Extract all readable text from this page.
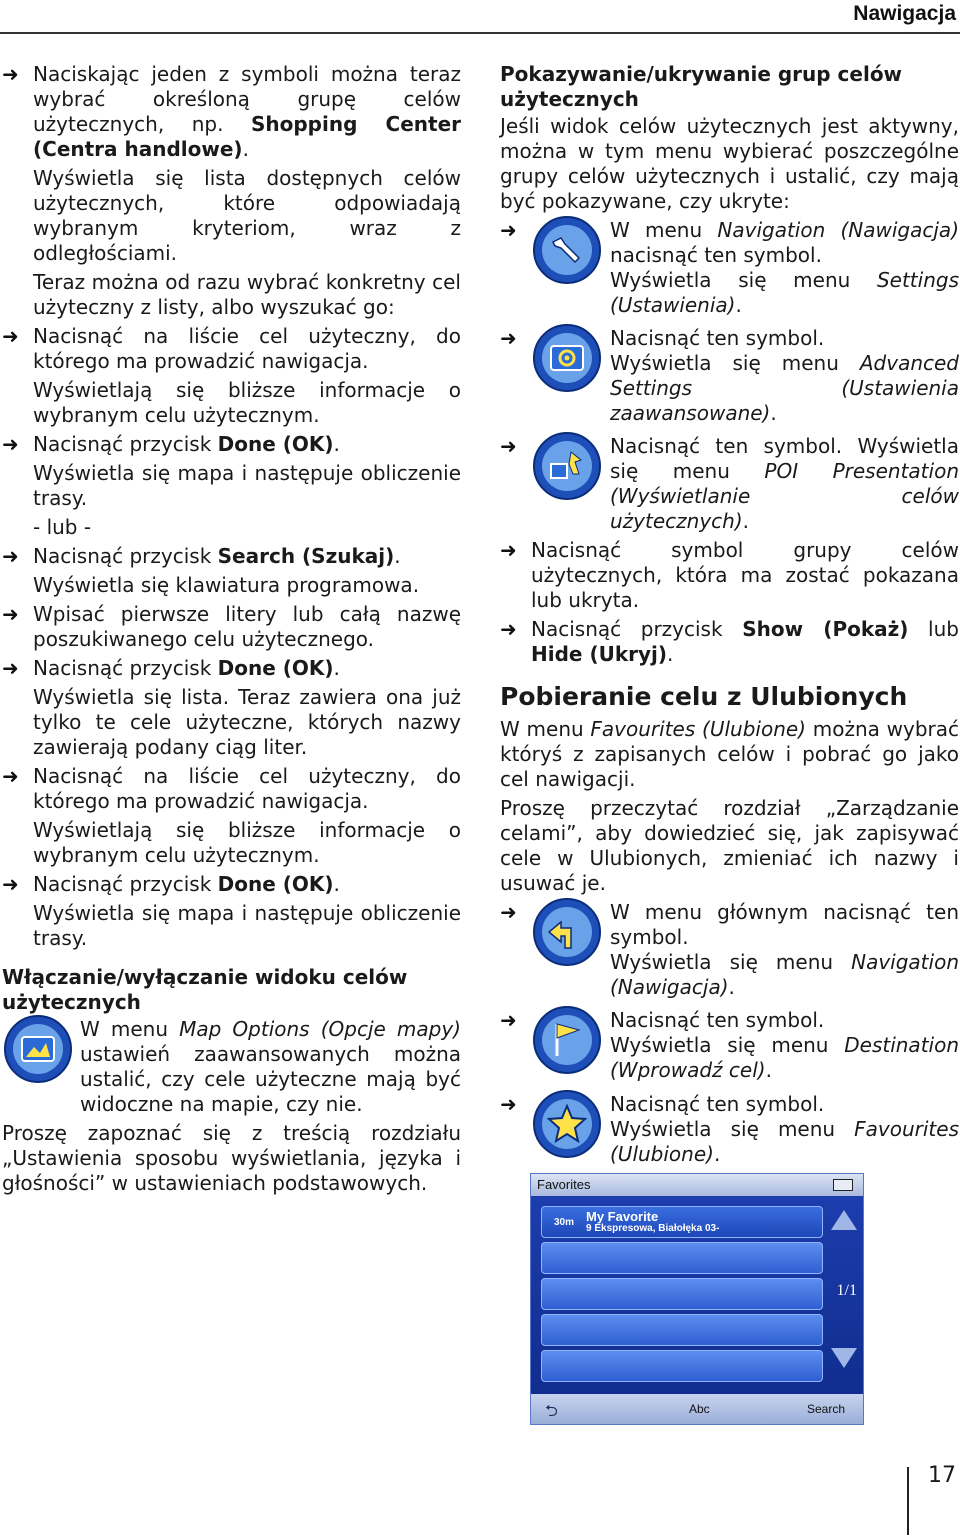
Nawigacja
➜ Naciskając jeden z symboli można teraz wybrać określoną grupę celów użytecznych, np. Shopping Center (Centra handlowe).
Wyświetla się lista dostępnych celów użytecznych, które odpowiadają wybranym kryteriom, wraz z odległościami.
Teraz można od razu wybrać konkretny cel użyteczny z listy, albo wyszukać go:
➜ Nacisnąć na liście cel użyteczny, do którego ma prowadzić nawigacja.
Wyświetlają się bliższe informacje o wybranym celu użytecznym.
➜ Nacisnąć przycisk Done (OK).
Wyświetla się mapa i następuje obliczenie trasy.
- lub -
➜ Nacisnąć przycisk Search (Szukaj).
Wyświetla się klawiatura programowa.
➜ Wpisać pierwsze litery lub całą nazwę poszukiwanego celu użytecznego.
➜ Nacisnąć przycisk Done (OK).
Wyświetla się lista. Teraz zawiera ona już tylko te cele użyteczne, których nazwy zawierają podany ciąg liter.
➜ Nacisnąć na liście cel użyteczny, do którego ma prowadzić nawigacja.
Wyświetlają się bliższe informacje o wybranym celu użytecznym.
➜ Nacisnąć przycisk Done (OK).
Wyświetla się mapa i następuje obliczenie trasy.
Włączanie/wyłączanie widoku celów użytecznych
W menu Map Options (Opcje mapy) ustawień zaawansowanych można ustalić, czy cele użyteczne mają być widoczne na mapie, czy nie.
Proszę zapoznać się z treścią rozdziału „Ustawienia sposobu wyświetlania, języka i głośności” w ustawieniach podstawowych.
Pokazywanie/ukrywanie grup celów użytecznych
Jeśli widok celów użytecznych jest aktywny, można w tym menu wybierać poszczególne grupy celów użytecznych i ustalić, czy mają być pokazywane, czy ukryte:
➜	W menu Navigation (Nawigacja) nacisnąć ten symbol.
Wyświetla się menu Settings (Ustawienia).
➜	Nacisnąć ten symbol.
Wyświetla się menu Advanced Settings (Ustawienia zaawansowane).
➜	Nacisnąć ten symbol. Wyświetla się menu POI Presentation (Wyświetlanie celów użytecznych).
➜ Nacisnąć symbol grupy celów użytecznych, która ma zostać pokazana lub ukryta.
➜ Nacisnąć przycisk Show (Pokaż) lub Hide (Ukryj).
Pobieranie celu z Ulubionych
W menu Favourites (Ulubione) można wybrać któryś z zapisanych celów i pobrać go jako cel nawigacji.
Proszę przeczytać rozdział „Zarządzanie celami”, aby dowiedzieć się, jak zapisywać cele w Ulubionych, zmieniać ich nazwy i usuwać je.
➜	W menu głównym nacisnąć ten symbol.
Wyświetla się menu Navigation (Nawigacja).
➜	Nacisnąć ten symbol.
Wyświetla się menu Destination (Wprowadź cel).
➜	Nacisnąć ten symbol.
Wyświetla się menu Favourites (Ulubione).
Favorites
30m My Favorite
9 Ekspresowa, Białołęka 03-
1/1
⮌	Abc	Search
17
